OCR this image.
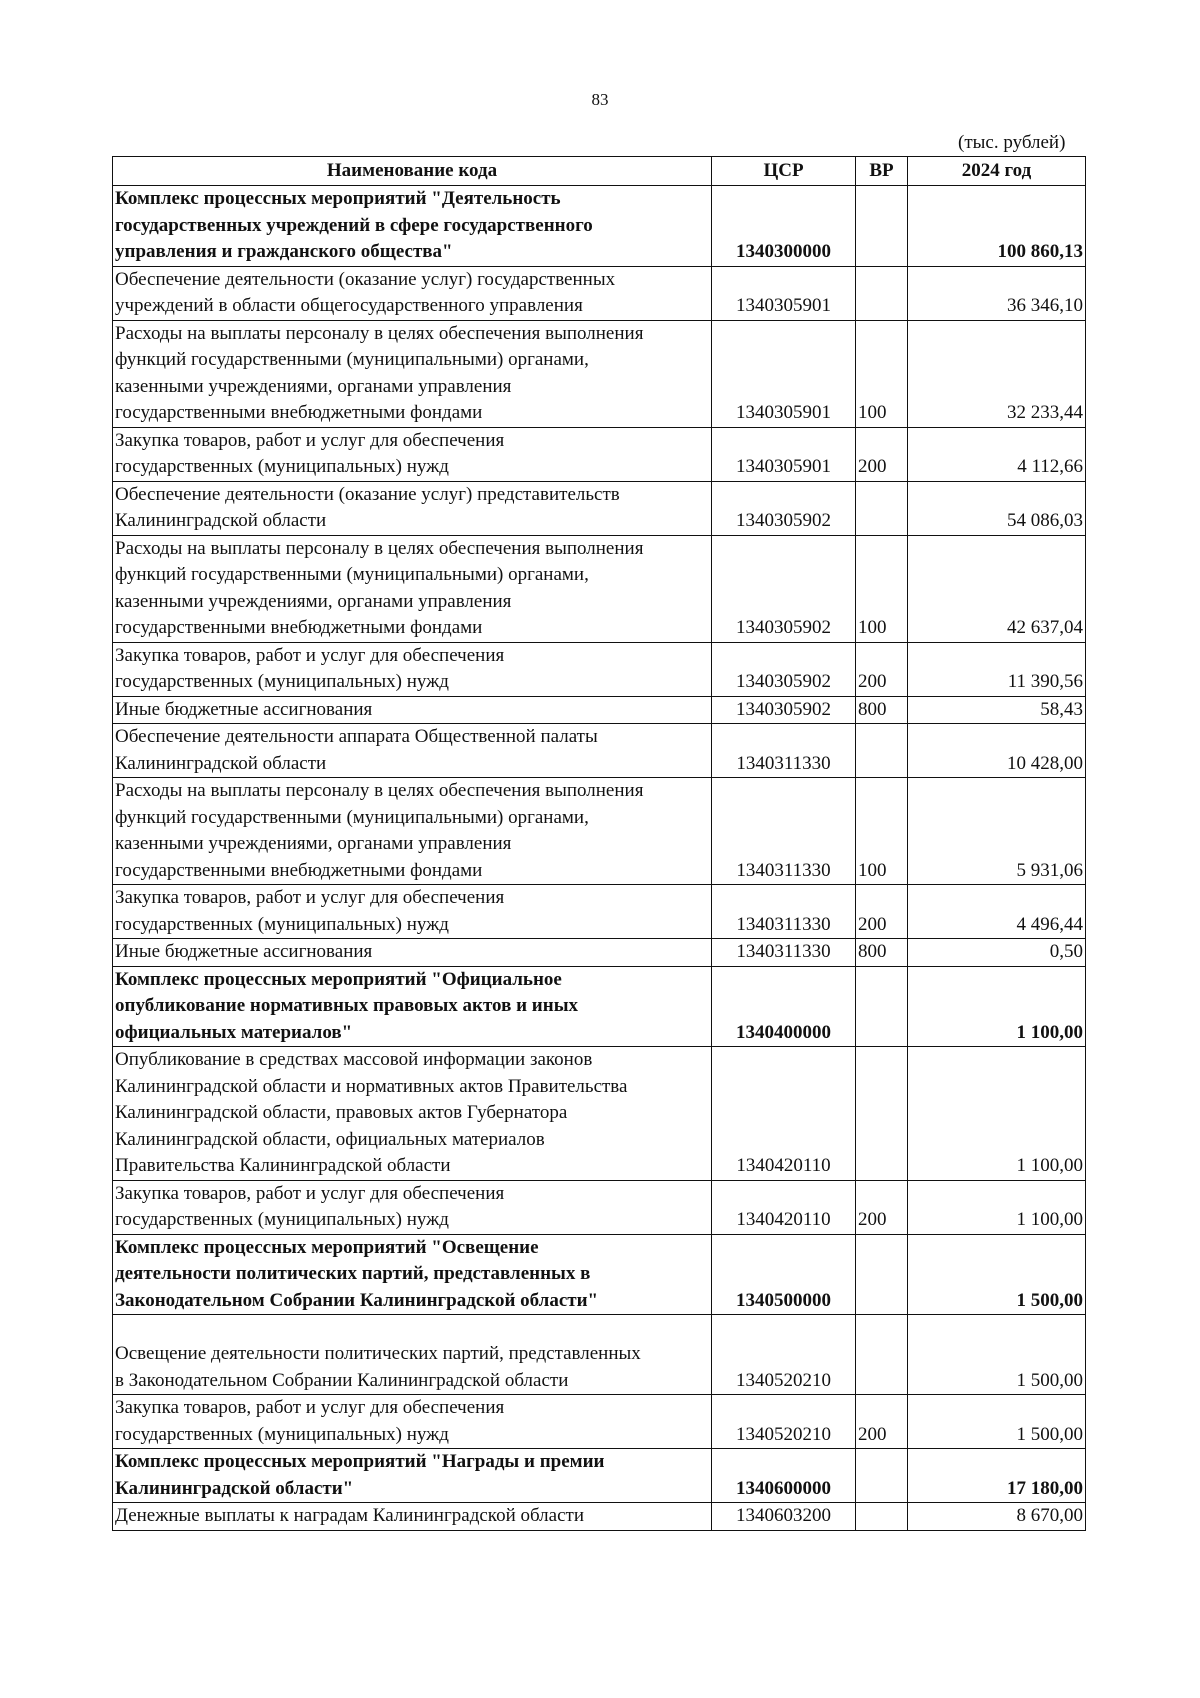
83
(тыс. рублей)
Наименование кода	ЦСР	ВР	2024 год

Комплекс процессных мероприятий "Деятельность
государственных учреждений в сфере государственного
управления и гражданского общества"	1340300000		100 860,13

Обеспечение деятельности (оказание услуг) государственных
учреждений в области общегосударственного управления	1340305901		36 346,10

Расходы на выплаты персоналу в целях обеспечения выполнения
функций государственными (муниципальными) органами,
казенными учреждениями, органами управления
государственными внебюджетными фондами	1340305901	100	32 233,44

Закупка товаров, работ и услуг для обеспечения
государственных (муниципальных) нужд	1340305901	200	4 112,66

Обеспечение деятельности (оказание услуг) представительств
Калининградской области	1340305902		54 086,03

Расходы на выплаты персоналу в целях обеспечения выполнения
функций государственными (муниципальными) органами,
казенными учреждениями, органами управления
государственными внебюджетными фондами	1340305902	100	42 637,04

Закупка товаров, работ и услуг для обеспечения
государственных (муниципальных) нужд	1340305902	200	11 390,56

Иные бюджетные ассигнования	1340305902	800	58,43

Обеспечение деятельности аппарата Общественной палаты
Калининградской области	1340311330		10 428,00

Расходы на выплаты персоналу в целях обеспечения выполнения
функций государственными (муниципальными) органами,
казенными учреждениями, органами управления
государственными внебюджетными фондами	1340311330	100	5 931,06

Закупка товаров, работ и услуг для обеспечения
государственных (муниципальных) нужд	1340311330	200	4 496,44

Иные бюджетные ассигнования	1340311330	800	0,50

Комплекс процессных мероприятий "Официальное
опубликование нормативных правовых актов и иных
официальных материалов"	1340400000		1 100,00

Опубликование в средствах массовой информации законов
Калининградской области и нормативных актов Правительства
Калининградской области, правовых актов Губернатора
Калининградской области, официальных материалов
Правительства Калининградской области	1340420110		1 100,00

Закупка товаров, работ и услуг для обеспечения
государственных (муниципальных) нужд	1340420110	200	1 100,00

Комплекс процессных мероприятий "Освещение
деятельности политических партий, представленных в
Законодательном Собрании Калининградской области"	1340500000		1 500,00

Освещение деятельности политических партий, представленных
в Законодательном Собрании Калининградской области	1340520210		1 500,00

Закупка товаров, работ и услуг для обеспечения
государственных (муниципальных) нужд	1340520210	200	1 500,00

Комплекс процессных мероприятий "Награды и премии
Калининградской области"	1340600000		17 180,00

Денежные выплаты к наградам Калининградской области	1340603200		8 670,00
